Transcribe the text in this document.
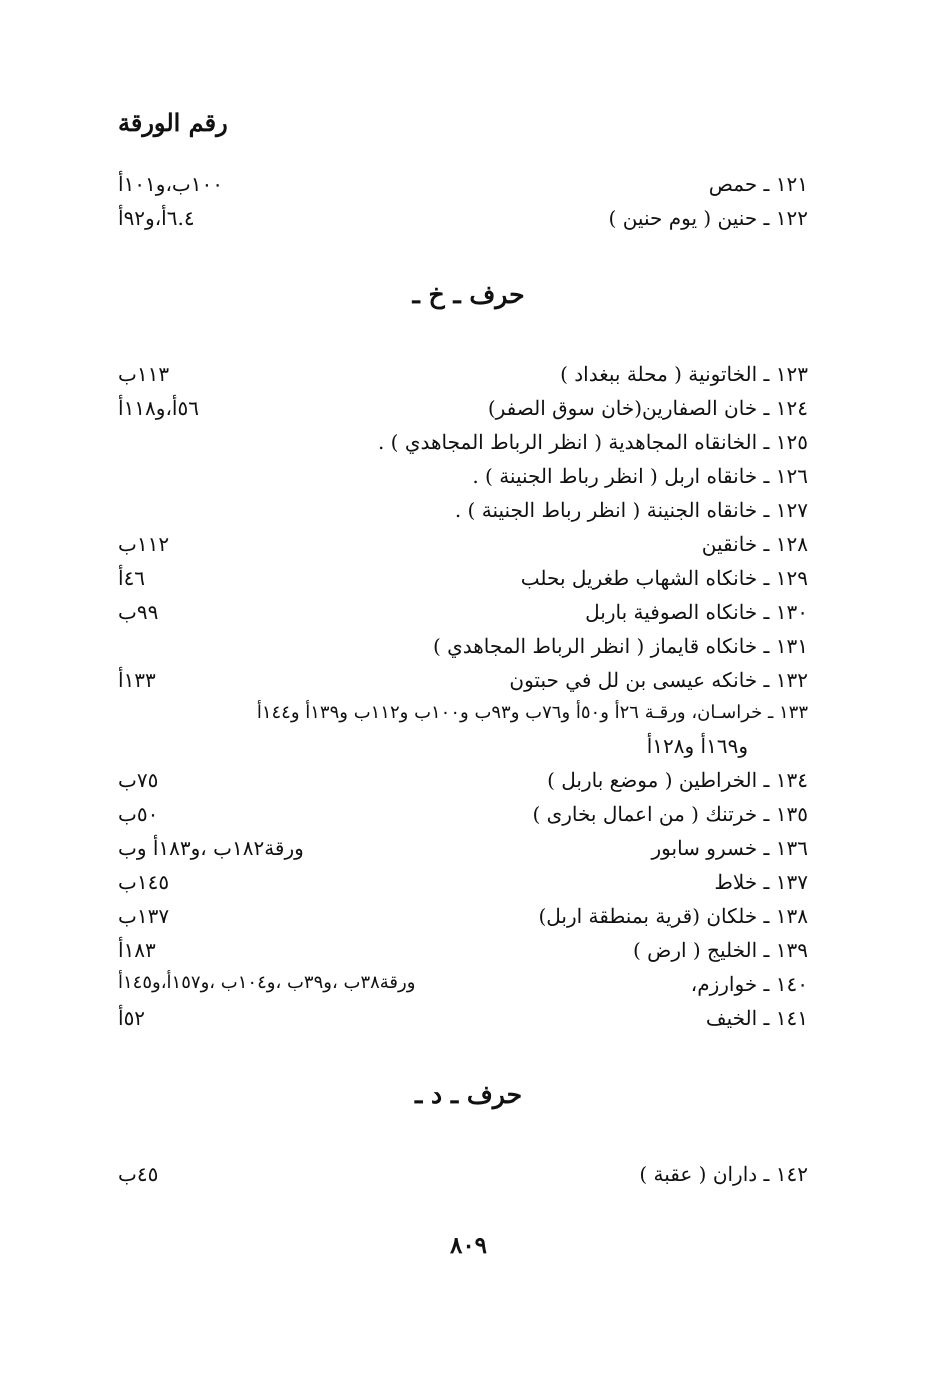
رقم الورقة
١٢١ ـ حمص
١٠٠ب،و١٠١أ
١٢٢ ـ حنين ( يوم حنين )
٦.٤أ،و٩٢أ
حرف ـ خ ـ
١٢٣ ـ الخاتونية ( محلة ببغداد )
١١٣ب
١٢٤ ـ خان الصفارين(خان سوق الصفر)
٥٦أ،و١١٨أ
١٢٥ ـ الخانقاه المجاهدية ( انظر الرباط المجاهدي ) .
١٢٦ ـ خانقاه اربل ( انظر رباط الجنينة ) .
١٢٧ ـ خانقاه الجنينة ( انظر رباط الجنينة ) .
١٢٨ ـ خانقين
١١٢ب
١٢٩ ـ خانكاه الشهاب طغريل بحلب
٤٦أ
١٣٠ ـ خانكاه الصوفية باربل
٩٩ب
١٣١ ـ خانكاه قايماز ( انظر الرباط المجاهدي )
١٣٢ ـ خانكه عيسى بن لل في حبتون
١٣٣أ
١٣٣ ـ خراسـان، ورقـة ٢٦أ و٥٠أ و٧٦ب و٩٣ب و١٠٠ب و١١٢ب و١٣٩أ و١٤٤أ
و١٦٩أ و١٢٨أ
١٣٤ ـ الخراطين ( موضع باربل )
٧٥ب
١٣٥ ـ خرتنك ( من اعمال بخارى )
٥٠ب
١٣٦ ـ خسرو سابور
ورقة١٨٢ب ،و١٨٣أ وب
١٣٧ ـ خلاط
١٤٥ب
١٣٨ ـ خلكان (قرية بمنطقة اربل)
١٣٧ب
١٣٩ ـ الخليج ( ارض )
١٨٣أ
١٤٠ ـ خوارزم،
ورقة٣٨ب ،و٣٩ب ،و١٠٤ب ،و١٥٧أ،و١٤٥أ
١٤١ ـ الخيف
٥٢أ
حرف ـ د ـ
١٤٢ ـ داران ( عقبة )
٤٥ب
٨٠٩
